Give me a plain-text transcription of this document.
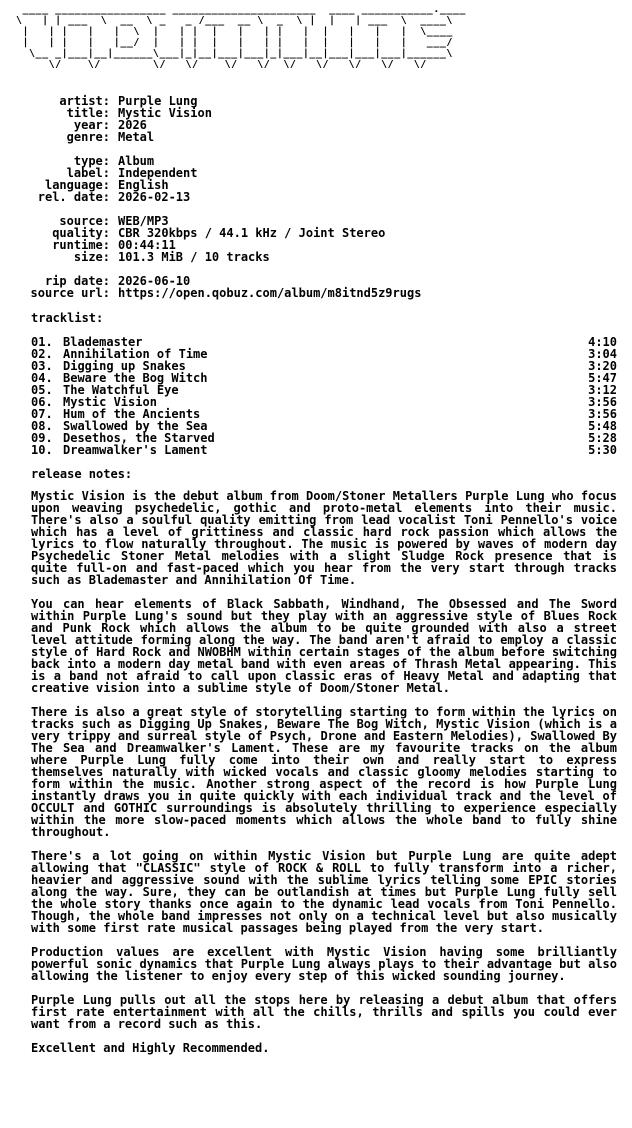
____ _________________ ______________________  ____ ___________.____
\   | | ___  \  __  \ _   _ /___  __ \  _  \ |  |   | ___  \  ____\
|   | |   |   |  \  |   | |  |   |   | |   |  |   |   |   |  \____
|   | |   |   |__/  |   | |  |   |   | |   |  |   |   |   |   ___/
\__ _|___|__|______\___|_|__|___|___|_|___|__|___|___|___|______\
\/    \/        \/   \/    \/   \/  \/   \/   \/   \/   \/
artist: Purple Lung
title: Mystic Vision
year: 2026
genre: Metal
type: Album
label: Independent
language: English
rel. date: 2026-02-13
source: WEB/MP3
quality: CBR 320kbps / 44.1 kHz / Joint Stereo
runtime: 00:44:11
size: 101.3 MiB / 10 tracks
rip date: 2026-06-10
source url: https://open.qobuz.com/album/m8itnd5z9rugs
tracklist:
01. Blademaster	4:10
02. Annihilation of Time	3:04
03. Digging up Snakes	3:20
04. Beware the Bog Witch	5:47
05. The Watchful Eye	3:12
06. Mystic Vision	3:56
07. Hum of the Ancients	3:56
08. Swallowed by the Sea	5:48
09. Desethos, the Starved	5:28
10. Dreamwalker's Lament	5:30
release notes:

Mystic Vision is the debut album from Doom/Stoner Metallers Purple Lung who focus upon weaving psychedelic, gothic and proto-metal elements into their music. There's also a soulful quality emitting from lead vocalist Toni Pennello's voice which has a level of grittiness and classic hard rock passion which allows the lyrics to flow naturally throughout. The music is powered by waves of modern day Psychedelic Stoner Metal melodies with a slight Sludge Rock presence that is quite full-on and fast-paced which you hear from the very start through tracks such as Blademaster and Annihilation Of Time.

You can hear elements of Black Sabbath, Windhand, The Obsessed and The Sword within Purple Lung's sound but they play with an aggressive style of Blues Rock and Punk Rock which allows the album to be quite grounded with also a street level attitude forming along the way. The band aren't afraid to employ a classic style of Hard Rock and NWOBHM within certain stages of the album before switching back into a modern day metal band with even areas of Thrash Metal appearing. This is a band not afraid to call upon classic eras of Heavy Metal and adapting that creative vision into a sublime style of Doom/Stoner Metal.

There is also a great style of storytelling starting to form within the lyrics on tracks such as Digging Up Snakes, Beware The Bog Witch, Mystic Vision (which is a very trippy and surreal style of Psych, Drone and Eastern Melodies), Swallowed By The Sea and Dreamwalker's Lament. These are my favourite tracks on the album where Purple Lung fully come into their own and really start to express themselves naturally with wicked vocals and classic gloomy melodies starting to form within the music. Another strong aspect of the record is how Purple Lung instantly draws you in quite quickly with each individual track and the level of OCCULT and GOTHIC surroundings is absolutely thrilling to experience especially within the more slow-paced moments which allows the whole band to fully shine throughout.

There's a lot going on within Mystic Vision but Purple Lung are quite adept allowing that "CLASSIC" style of ROCK & ROLL to fully transform into a richer, heavier and aggressive sound with the sublime lyrics telling some EPIC stories along the way. Sure, they can be outlandish at times but Purple Lung fully sell the whole story thanks once again to the dynamic lead vocals from Toni Pennello. Though, the whole band impresses not only on a technical level but also musically with some first rate musical passages being played from the very start.

Production values are excellent with Mystic Vision having some brilliantly powerful sonic dynamics that Purple Lung always plays to their advantage but also allowing the listener to enjoy every step of this wicked sounding journey.

Purple Lung pulls out all the stops here by releasing a debut album that offers first rate entertainment with all the chills, thrills and spills you could ever want from a record such as this.

Excellent and Highly Recommended.
